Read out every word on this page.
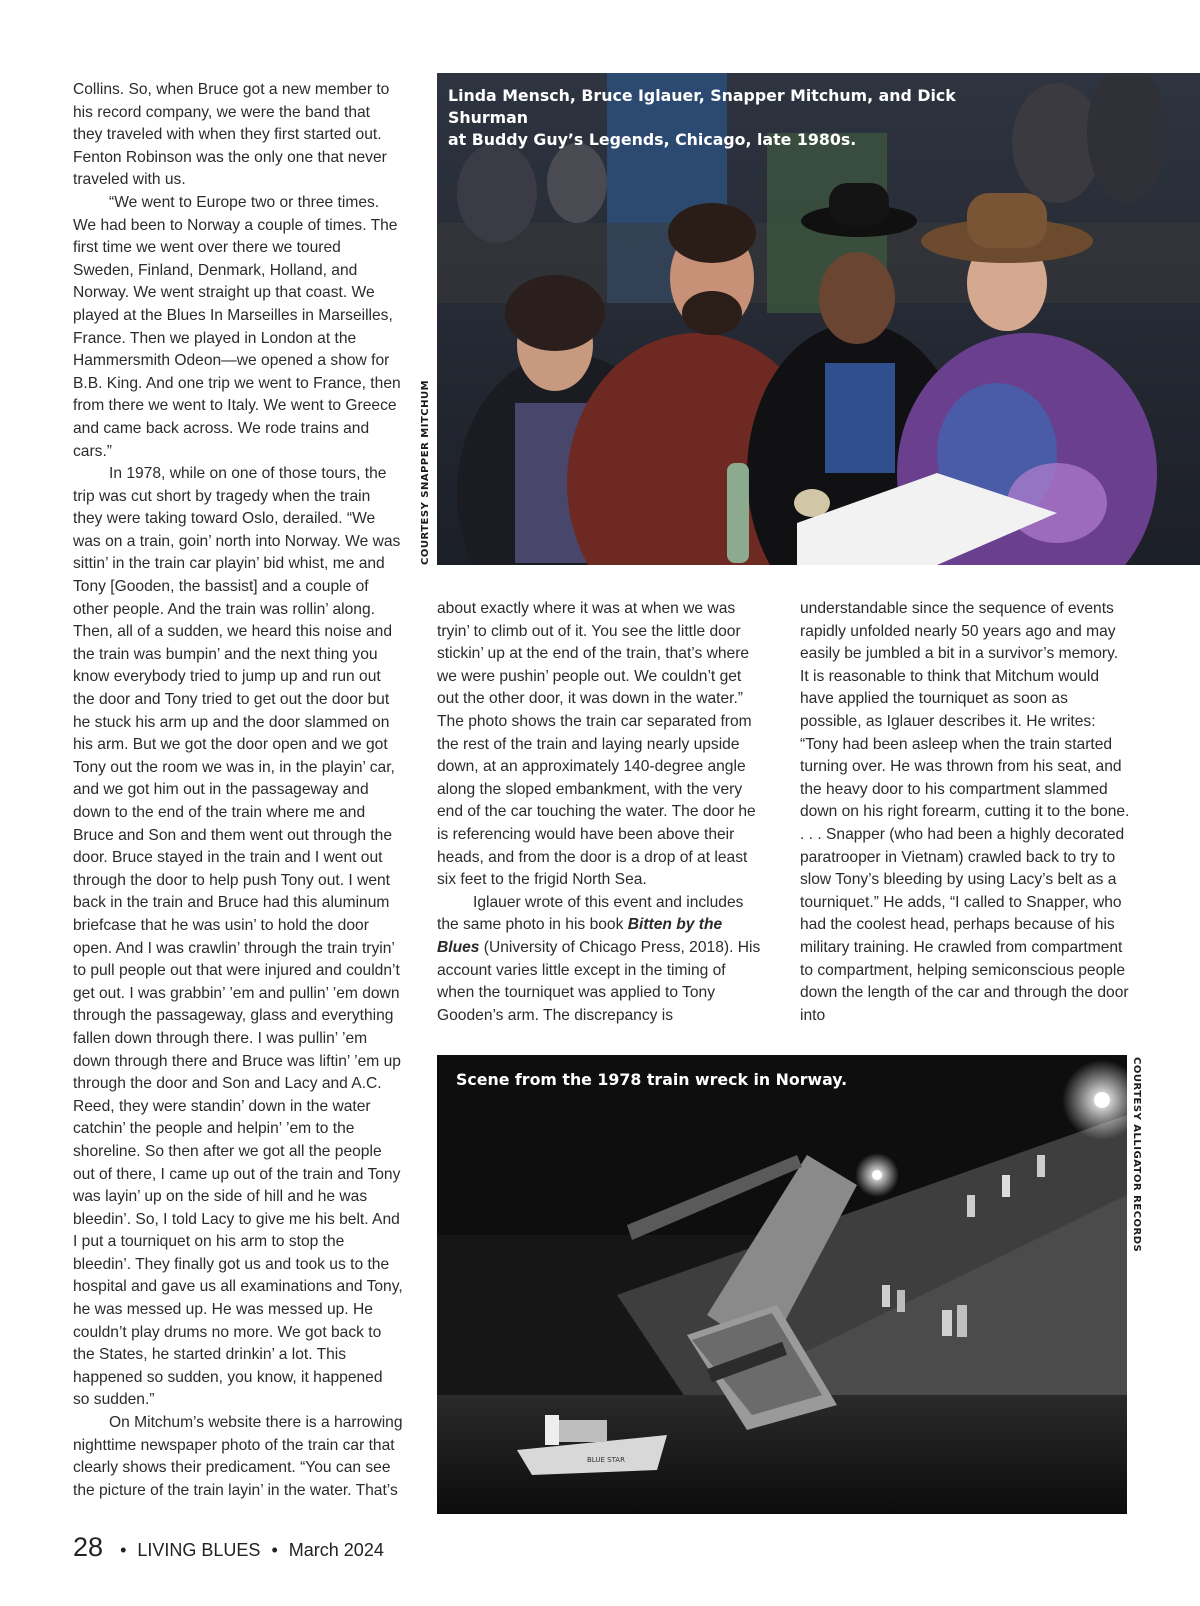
Collins. So, when Bruce got a new member to his record company, we were the band that they traveled with when they first started out. Fenton Robinson was the only one that never traveled with us.

“We went to Europe two or three times. We had been to Norway a couple of times. The first time we went over there we toured Sweden, Finland, Denmark, Holland, and Norway. We went straight up that coast. We played at the Blues In Marseilles in Marseilles, France. Then we played in London at the Hammersmith Odeon—we opened a show for B.B. King. And one trip we went to France, then from there we went to Italy. We went to Greece and came back across. We rode trains and cars.”

In 1978, while on one of those tours, the trip was cut short by tragedy when the train they were taking toward Oslo, derailed. “We was on a train, goin’ north into Norway. We was sittin’ in the train car playin’ bid whist, me and Tony [Gooden, the bassist] and a couple of other people. And the train was rollin’ along. Then, all of a sudden, we heard this noise and the train was bumpin’ and the next thing you know everybody tried to jump up and run out the door and Tony tried to get out the door but he stuck his arm up and the door slammed on his arm. But we got the door open and we got Tony out the room we was in, in the playin’ car, and we got him out in the passageway and down to the end of the train where me and Bruce and Son and them went out through the door. Bruce stayed in the train and I went out through the door to help push Tony out. I went back in the train and Bruce had this aluminum briefcase that he was usin’ to hold the door open. And I was crawlin’ through the train tryin’ to pull people out that were injured and couldn’t get out. I was grabbin’ ’em and pullin’ ’em down through the passageway, glass and everything fallen down through there. I was pullin’ ’em down through there and Bruce was liftin’ ’em up through the door and Son and Lacy and A.C. Reed, they were standin’ down in the water catchin’ the people and helpin’ ’em to the shoreline. So then after we got all the people out of there, I came up out of the train and Tony was layin’ up on the side of hill and he was bleedin’. So, I told Lacy to give me his belt. And I put a tourniquet on his arm to stop the bleedin’. They finally got us and took us to the hospital and gave us all examinations and Tony, he was messed up. He was messed up. He couldn’t play drums no more. We got back to the States, he started drinkin’ a lot. This happened so sudden, you know, it happened so sudden.”

On Mitchum’s website there is a harrowing nighttime newspaper photo of the train car that clearly shows their predicament. “You can see the picture of the train layin’ in the water. That’s

Linda Mensch, Bruce Iglauer, Snapper Mitchum, and Dick Shurman
at Buddy Guy’s Legends, Chicago, late 1980s.
COURTESY SNAPPER MITCHUM

about exactly where it was at when we was tryin’ to climb out of it. You see the little door stickin’ up at the end of the train, that’s where we were pushin’ people out. We couldn’t get out the other door, it was down in the water.” The photo shows the train car separated from the rest of the train and laying nearly upside down, at an approximately 140-degree angle along the sloped embankment, with the very end of the car touching the water. The door he is referencing would have been above their heads, and from the door is a drop of at least six feet to the frigid North Sea.

Iglauer wrote of this event and includes the same photo in his book Bitten by the Blues (University of Chicago Press, 2018). His account varies little except in the timing of when the tourniquet was applied to Tony Gooden’s arm. The discrepancy is

understandable since the sequence of events rapidly unfolded nearly 50 years ago and may easily be jumbled a bit in a survivor’s memory. It is reasonable to think that Mitchum would have applied the tourniquet as soon as possible, as Iglauer describes it. He writes: “Tony had been asleep when the train started turning over. He was thrown from his seat, and the heavy door to his compartment slammed down on his right forearm, cutting it to the bone. . . . Snapper (who had been a highly decorated paratrooper in Vietnam) crawled back to try to slow Tony’s bleeding by using Lacy’s belt as a tourniquet.” He adds, “I called to Snapper, who had the coolest head, perhaps because of his military training. He crawled from compartment to compartment, helping semiconscious people down the length of the car and through the door into

BLUE STAR
Scene from the 1978 train wreck in Norway.	COURTESY ALLIGATOR RECORDS
28 • LIVING BLUES • March 2024
